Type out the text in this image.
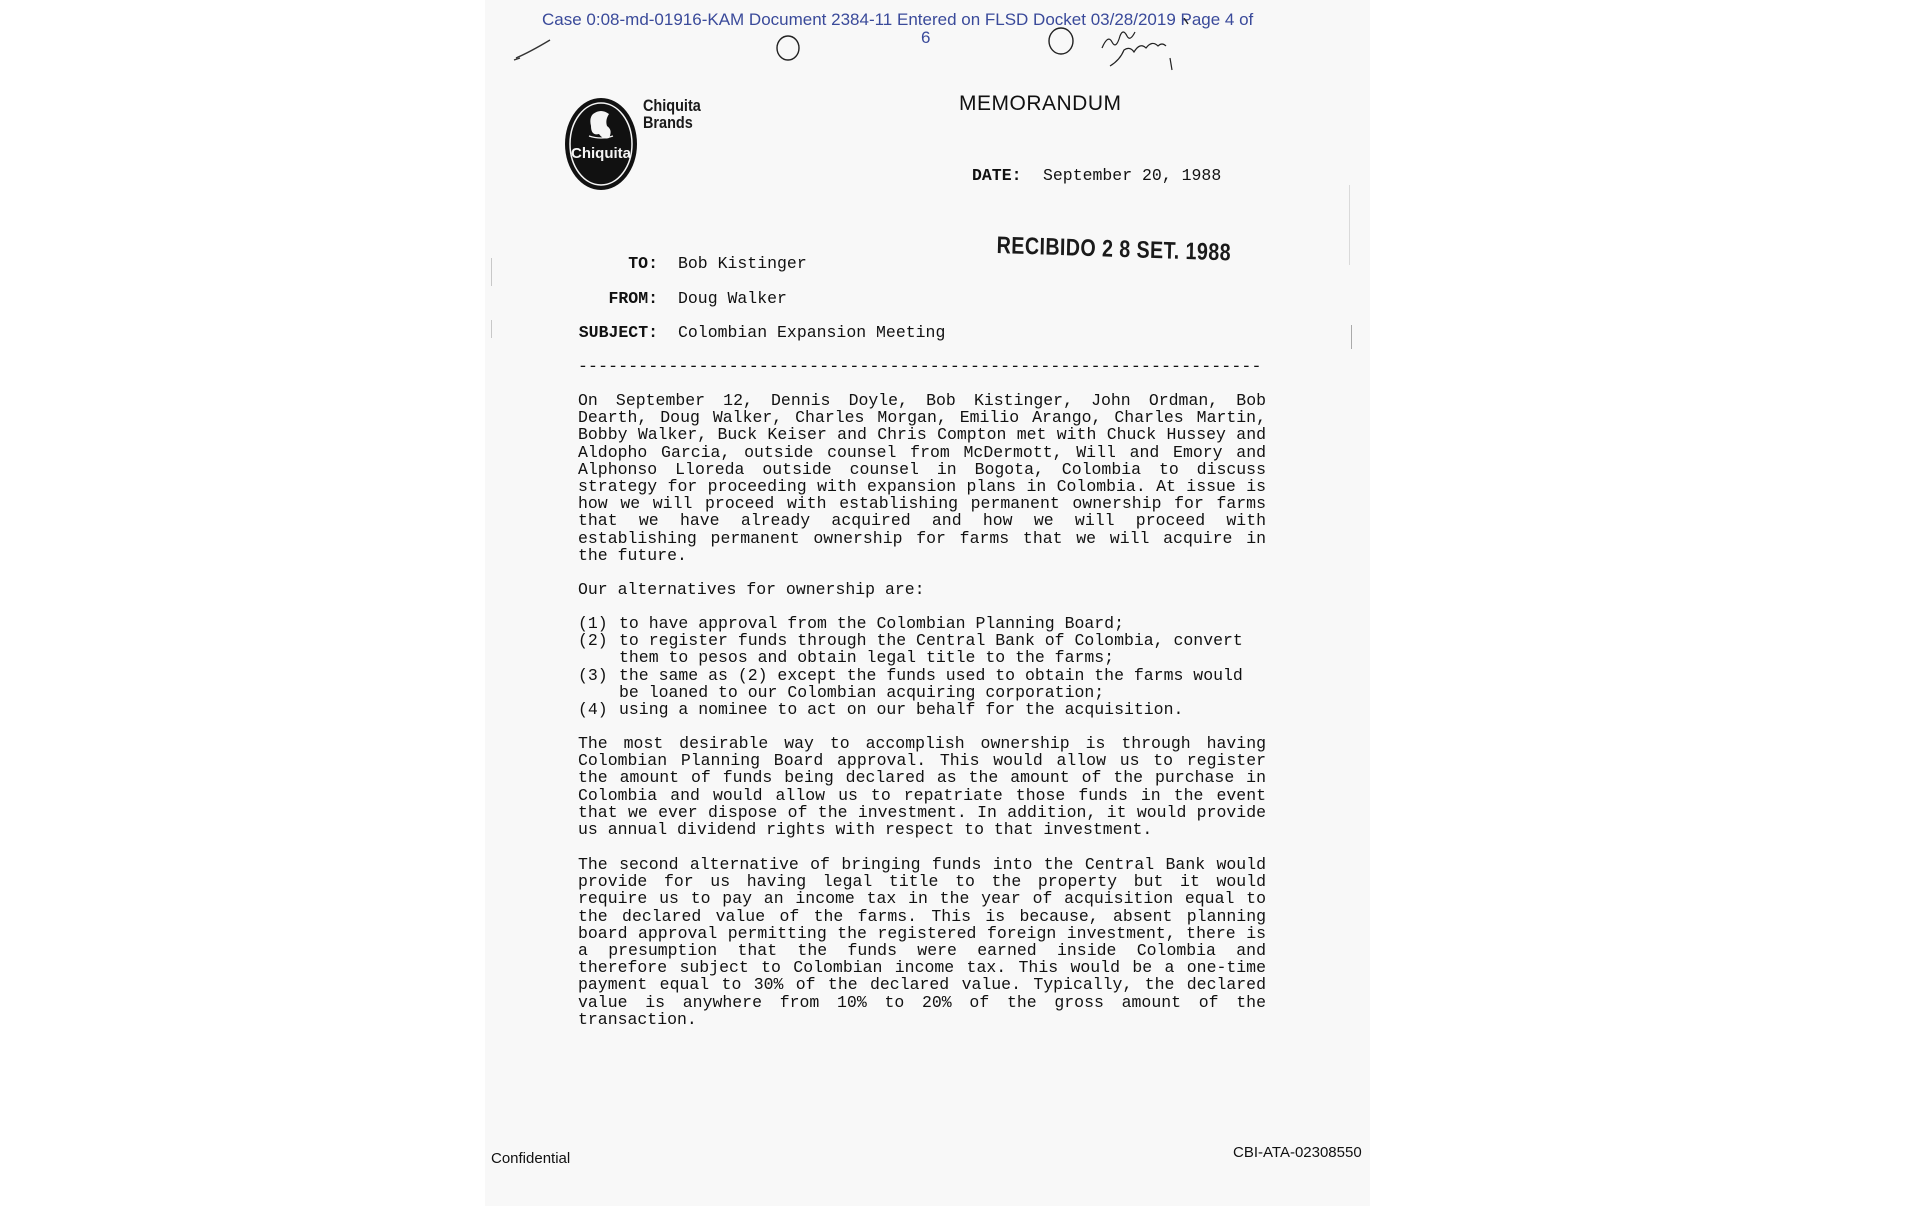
Case 0:08-md-01916-KAM Document 2384-11 Entered on FLSD Docket 03/28/2019 Page 4 of
6
Chiquita
Chiquita
Brands
MEMORANDUM
DATE: September 20, 1988
RECIBIDO 2 8 SET. 1988
TO: Bob Kistinger
FROM: Doug Walker
SUBJECT: Colombian Expansion Meeting
--------------------------------------------------------------------
On September 12, Dennis Doyle, Bob Kistinger, John Ordman, Bob Dearth, Doug Walker, Charles Morgan, Emilio Arango, Charles Martin, Bobby Walker, Buck Keiser and Chris Compton met with Chuck Hussey and Aldopho Garcia, outside counsel from McDermott, Will and Emory and Alphonso Lloreda outside counsel in Bogota, Colombia to discuss strategy for proceeding with expansion plans in Colombia. At issue is how we will proceed with establishing permanent ownership for farms that we have already acquired and how we will proceed with establishing permanent ownership for farms that we will acquire in the future.
Our alternatives for ownership are:
(1) to have approval from the Colombian Planning Board;
(2) to register funds through the Central Bank of Colombia, convert them to pesos and obtain legal title to the farms;
(3) the same as (2) except the funds used to obtain the farms would be loaned to our Colombian acquiring corporation;
(4) using a nominee to act on our behalf for the acquisition.
The most desirable way to accomplish ownership is through having Colombian Planning Board approval. This would allow us to register the amount of funds being declared as the amount of the purchase in Colombia and would allow us to repatriate those funds in the event that we ever dispose of the investment. In addition, it would provide us annual dividend rights with respect to that investment.
The second alternative of bringing funds into the Central Bank would provide for us having legal title to the property but it would require us to pay an income tax in the year of acquisition equal to the declared value of the farms. This is because, absent planning board approval permitting the registered foreign investment, there is a presumption that the funds were earned inside Colombia and therefore subject to Colombian income tax. This would be a one-time payment equal to 30% of the declared value. Typically, the declared value is anywhere from 10% to 20% of the gross amount of the transaction.
Confidential	CBI-ATA-02308550
